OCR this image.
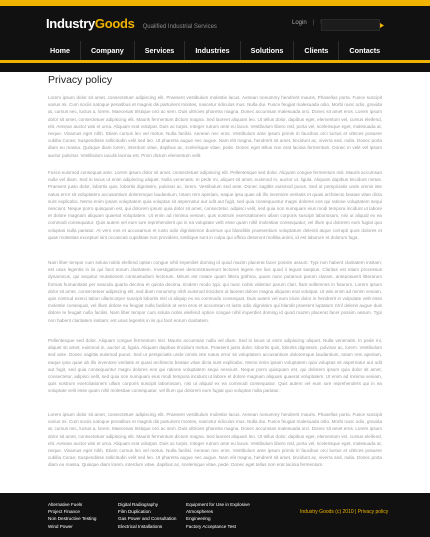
IndustryGoods Qualified Industrial Services
Login |
Home	Company	Services	Industries	Solutions	Clients	Contacts
Privacy policy

Lorem ipsum dolor sit amet, consectetuer adipiscing elit. Praesent vestibulum molestie lacus. Aenean nonummy hendrerit mauris. Phasellus porta. Fusce suscipit varius mi. Cum sociis natoque penatibus et magnis dis parturient montes, nascetur ridiculus mus. Nulla dui. Fusce feugiat malesuada odio. Morbi nunc odio, gravida at, cursus nec, luctus a, lorem. Maecenas tristique orci ac sem. Duis ultricies pharetra magna. Donec accumsan malesuada orci. Donec sit amet eros. Lorem ipsum dolor sit amet, consectetuer adipiscing elit. Mauris fermentum dictum magna. Sed laoreet aliquam leo. Ut tellus dolor, dapibus eget, elementum vel, cursus eleifend, elit. Aenean auctor wisi et urna. Aliquam erat volutpat. Duis ac turpis. Integer rutrum ante eu lacus. Vestibulum libero nisl, porta vel, scelerisque eget, malesuada at, neque. Vivamus eget nibh. Etiam cursus leo vel metus. Nulla facilisi. Aenean nec eros. Vestibulum ante ipsum primis in faucibus orci luctus et ultrices posuere cubilia Curae; Suspendisse sollicitudin velit sed leo. Ut pharetra augue nec augue. Nam elit magna, hendrerit sit amet, tincidunt ac, viverra sed, nulla. Donec porta diam eu massa. Quisque diam lorem, interdum vitae, dapibus ac, scelerisque vitae, pede. Donec eget tellus non erat lacinia fermentum. Donec in velit vel ipsum auctor pulvinar. Vestibulum iaculis lacinia est. Proin dictum elementum velit.

Fusce euismod consequat ante. Lorem ipsum dolor sit amet, consectetuer adipiscing elit. Pellentesque sed dolor. Aliquam congue fermentum nisl. Mauris accumsan nulla vel diam. Sed in lacus ut enim adipiscing aliquet. Nulla venenatis. In pede mi, aliquet sit amet, euismod in, auctor ut, ligula. Aliquam dapibus tincidunt metus. Praesent justo dolor, lobortis quis, lobortis dignissim, pulvinar ac, lorem. Vestibulum sed ante. Donec sagittis euismod purus. Sed ut perspiciatis unde omnis iste natus error sit voluptatem accusantium doloremque laudantium, totam rem aperiam, eaque ipsa quae ab illo inventore veritatis et quasi architecto beatae vitae dicta sunt explicabo. Nemo enim ipsam voluptatem quia voluptas sit aspernatur aut odit aut fugit, sed quia consequuntur magni dolores eos qui ratione voluptatem sequi nesciunt. Neque porro quisquam est, qui dolorem ipsum quia dolor sit amet, consectetur, adipisci velit, sed quia non numquam eius modi tempora incidunt ut labore et dolore magnam aliquam quaerat voluptatem. Ut enim ad minima veniam, quis nostrum exercitationem ullam corporis suscipit laboriosam, nisi ut aliquid ex ea commodi consequatur. Quis autem vel eum iure reprehenderit qui in ea voluptate velit esse quam nihil molestiae consequatur, vel illum qui dolorem eum fugiat quo voluptas nulla pariatur. At vero eos et accusamus et iusto odio dignissimos ducimus qui blanditiis praesentium voluptatum deleniti atque corrupti quos dolores et quas molestias excepturi sint occaecati cupiditate non provident, similique sunt in culpa qui officia deserunt mollitia animi, id est laborum et dolorum fuga.

Nam liber tempor cum soluta nobis eleifend option congue nihil imperdiet doming id quod mazim placerat facer possim assum. Typi non habent claritatem insitam; est usus legentis in iis qui facit eorum claritatem. Investigationes demonstraverunt lectores legere me lius quod ii legunt saepius. Claritas est etiam processus dynamicus, qui sequitur mutationem consuetudium lectorum. Mirum est notare quam littera gothica, quam nunc putamus parum claram, anteposuerit litterarum formas humanitatis per seacula quarta decima et quinta decima. Eodem modo typi, qui nunc nobis videntur parum clari, fiant sollemnes in futurum. Lorem ipsum dolor sit amet, consectetuer adipiscing elit, sed diam nonummy nibh euismod tincidunt ut laoreet dolore magna aliquam erat volutpat. Ut wisi enim ad minim veniam, quis nostrud exerci tation ullamcorper suscipit lobortis nisl ut aliquip ex ea commodo consequat. Duis autem vel eum iriure dolor in hendrerit in vulputate velit esse molestie consequat, vel illum dolore eu feugiat nulla facilisis at vero eros et accumsan et iusto odio dignissim qui blandit praesent luptatum zzril delenit augue duis dolore te feugait nulla facilisi. Nam liber tempor cum soluta nobis eleifend option congue nihil imperdiet doming id quod mazim placerat facer possim assum. Typi non habent claritatem insitam; est usus legentis in iis qui facit eorum claritatem.

Pellentesque sed dolor. Aliquam congue fermentum nisl. Mauris accumsan nulla vel diam. Sed in lacus ut enim adipiscing aliquet. Nulla venenatis. In pede mi, aliquet sit amet, euismod in, auctor ut, ligula. Aliquam dapibus tincidunt metus. Praesent justo dolor, lobortis quis, lobortis dignissim, pulvinar ac, lorem. Vestibulum sed ante. Donec sagittis euismod purus. Sed ut perspiciatis unde omnis iste natus error sit voluptatem accusantium doloremque laudantium, totam rem aperiam, eaque ipsa quae ab illo inventore veritatis et quasi architecto beatae vitae dicta sunt explicabo. Nemo enim ipsam voluptatem quia voluptas sit aspernatur aut odit aut fugit, sed quia consequuntur magni dolores eos qui ratione voluptatem sequi nesciunt. Neque porro quisquam est, qui dolorem ipsum quia dolor sit amet, consectetur, adipisci velit, sed quia non numquam eius modi tempora incidunt ut labore et dolore magnam aliquam quaerat voluptatem. Ut enim ad minima veniam, quis nostrum exercitationem ullam corporis suscipit laboriosam, nisi ut aliquid ex ea commodi consequatur. Quis autem vel eum iure reprehenderit qui in ea voluptate velit esse quam nihil molestiae consequatur, vel illum qui dolorem eum fugiat quo voluptas nulla pariatur.

Lorem ipsum dolor sit amet, consectetuer adipiscing elit. Praesent vestibulum molestie lacus. Aenean nonummy hendrerit mauris. Phasellus porta. Fusce suscipit varius mi. Cum sociis natoque penatibus et magnis dis parturient montes, nascetur ridiculus mus. Nulla dui. Fusce feugiat malesuada odio. Morbi nunc odio, gravida at, cursus nec, luctus a, lorem. Maecenas tristique orci ac sem. Duis ultricies pharetra magna. Donec accumsan malesuada orci. Donec sit amet eros. Lorem ipsum dolor sit amet, consectetuer adipiscing elit. Mauris fermentum dictum magna. Sed laoreet aliquam leo. Ut tellus dolor, dapibus eget, elementum vel, cursus eleifend, elit. Aenean auctor wisi et urna. Aliquam erat volutpat. Duis ac turpis. Integer rutrum ante eu lacus. Vestibulum libero nisl, porta vel, scelerisque eget, malesuada at, neque. Vivamus eget nibh. Etiam cursus leo vel metus. Nulla facilisi. Aenean nec eros. Vestibulum ante ipsum primis in faucibus orci luctus et ultrices posuere cubilia Curae; Suspendisse sollicitudin velit sed leo. Ut pharetra augue nec augue. Nam elit magna, hendrerit sit amet, tincidunt ac, viverra sed, nulla. Donec porta diam eu massa. Quisque diam lorem, interdum vitae, dapibus ac, scelerisque vitae, pede. Donec eget tellus non erat lacinia fermentum.

Alternative Fuels
Project Finance
Non Destructive Testing
Wind Power
Digital Radiography
Film Duplication
Gas Power and Consultation
Electrical Installations
Equipment for Use in Explosive
Atmospheres
Engineering
Factory Acceptance Test
Industry Goods (c) 2010 | Privacy policy
